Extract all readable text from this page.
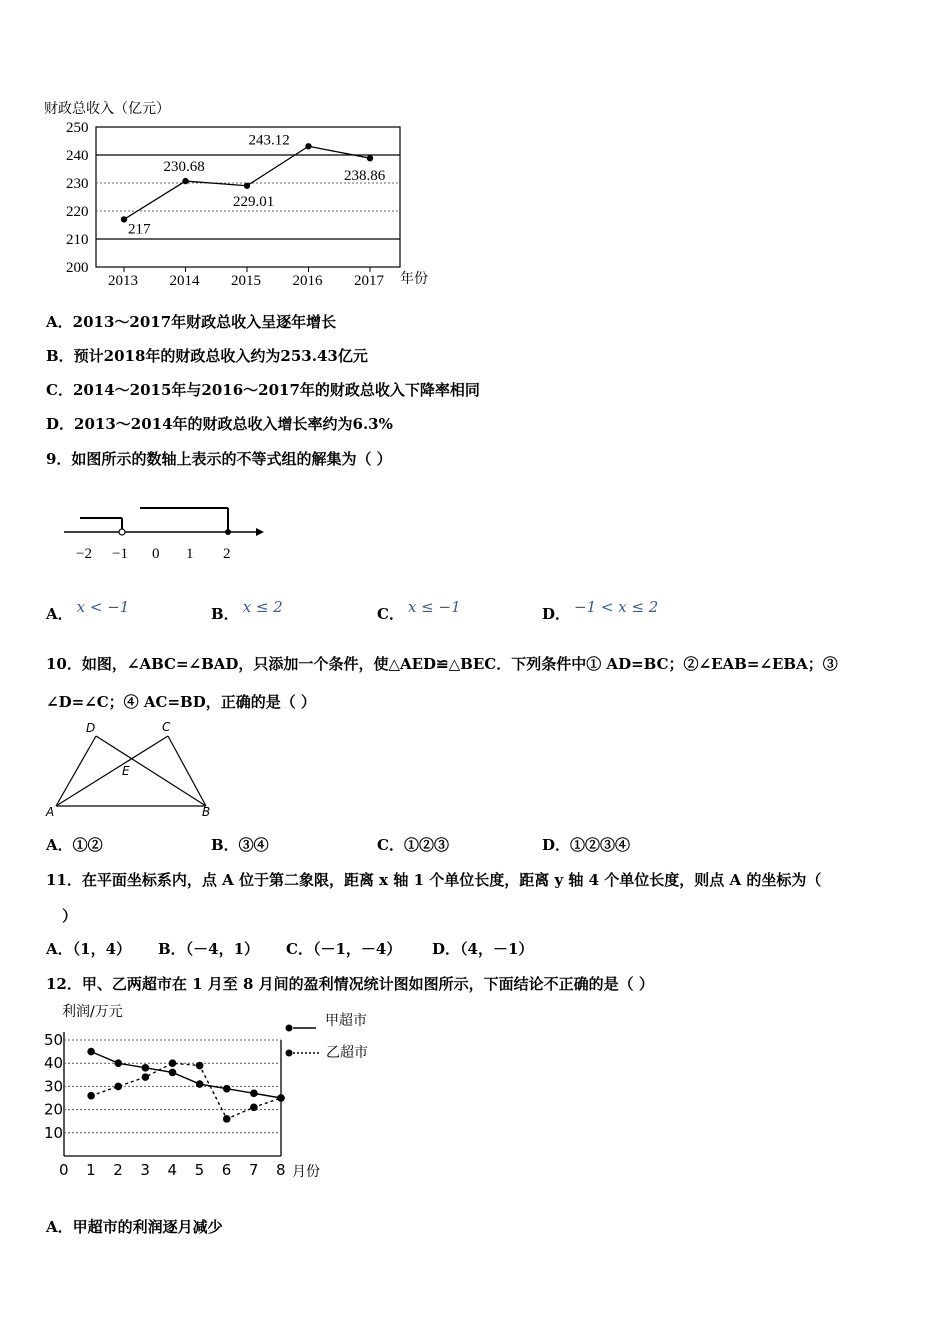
财政总收入（亿元）
250
240
230
220
210
200
2013 2014 2015 2016 2017
217
230.68
229.01
243.12
238.86
年份
A．2013～2017年财政总收入呈逐年增长
B．预计2018年的财政总收入约为253.43亿元
C．2014～2015年与2016～2017年的财政总收入下降率相同
D．2013～2014年的财政总收入增长率约为6.3%
9．如图所示的数轴上表示的不等式组的解集为（ ）
−2 −1 0 1 2
A． x < −1	B． x ≤ 2	C． x ≤ −1	D． −1 < x ≤ 2
10．如图，∠ABC=∠BAD，只添加一个条件，使△AED≌△BEC．下列条件中① AD=BC；②∠EAB=∠EBA；③
∠D=∠C；④ AC=BD，正确的是（ ）
D	C
E
A	B
A．①②	B．③④	C．①②③	D．①②③④
11．在平面坐标系内，点 A 位于第二象限，距离 x 轴 1 个单位长度，距离 y 轴 4 个单位长度，则点 A 的坐标为（
）
A．（1，4） B．（－4，1） C．（－1，－4） D．（4，－1）
12．甲、乙两超市在 1 月至 8 月间的盈利情况统计图如图所示，下面结论不正确的是（ ）
利润/万元
50
40
30
20
10
0 1 2 3 4 5 6 7 8 月份
甲超市
乙超市
A．甲超市的利润逐月减少
